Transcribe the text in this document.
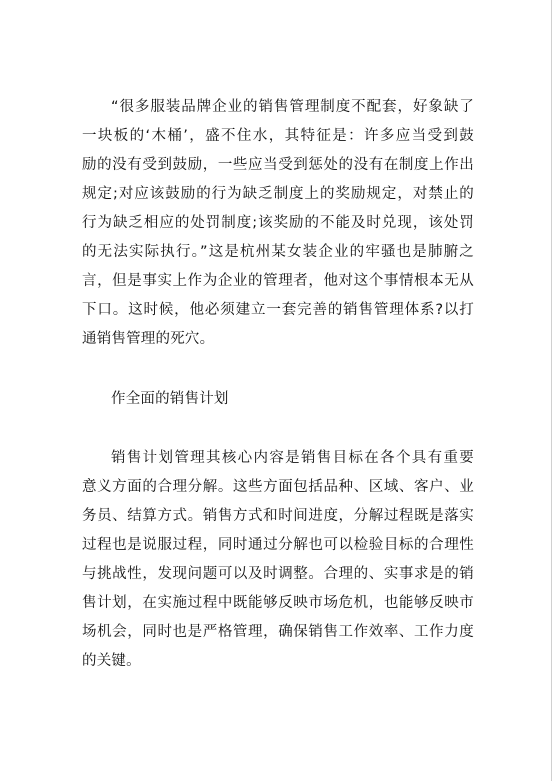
“很多服装品牌企业的销售管理制度不配套，好象缺了
一块板的‘木桶’，盛不住水，其特征是：许多应当受到鼓
励的没有受到鼓励，一些应当受到惩处的没有在制度上作出
规定;对应该鼓励的行为缺乏制度上的奖励规定，对禁止的
行为缺乏相应的处罚制度;该奖励的不能及时兑现，该处罚
的无法实际执行。”这是杭州某女装企业的牢骚也是肺腑之
言，但是事实上作为企业的管理者，他对这个事情根本无从
下口。这时候，他必须建立一套完善的销售管理体系?以打
通销售管理的死穴。
作全面的销售计划
销售计划管理其核心内容是销售目标在各个具有重要
意义方面的合理分解。这些方面包括品种、区域、客户、业
务员、结算方式。销售方式和时间进度，分解过程既是落实
过程也是说服过程，同时通过分解也可以检验目标的合理性
与挑战性，发现问题可以及时调整。合理的、实事求是的销
售计划，在实施过程中既能够反映市场危机，也能够反映市
场机会，同时也是严格管理，确保销售工作效率、工作力度
的关键。
